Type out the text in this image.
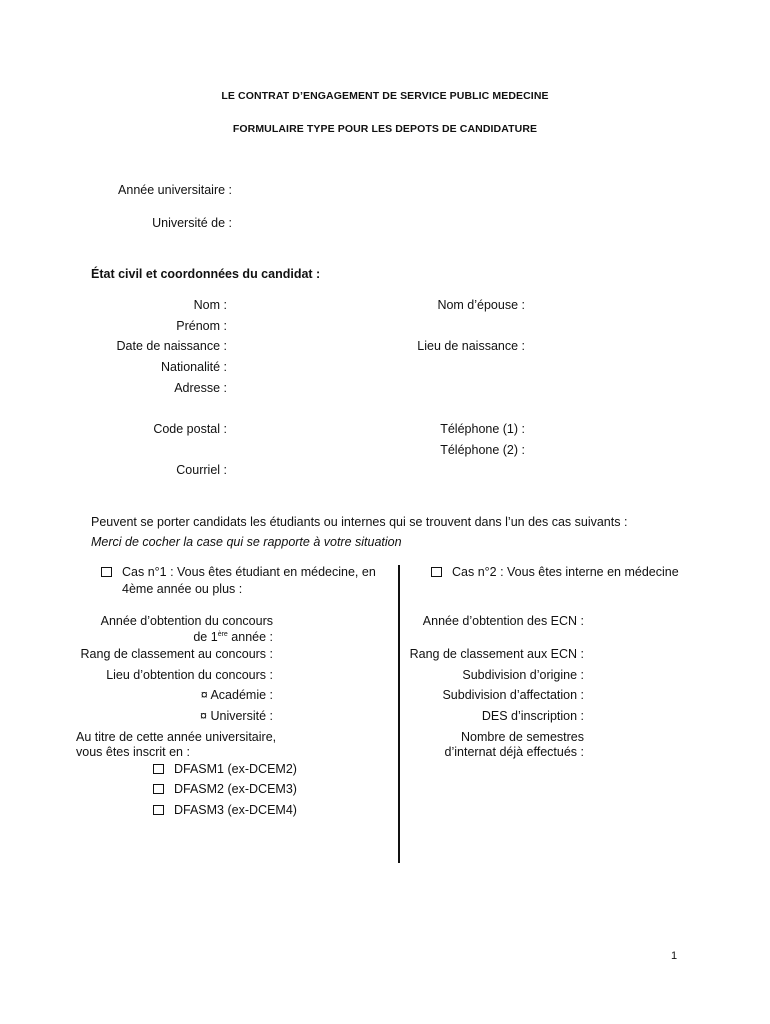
LE CONTRAT D’ENGAGEMENT DE SERVICE PUBLIC MEDECINE
FORMULAIRE TYPE POUR LES DEPOTS DE CANDIDATURE
Année universitaire :
Université de :
État civil et coordonnées du candidat :
Nom :	Nom d’épouse :
Prénom :
Date de naissance :	Lieu de naissance :
Nationalité :
Adresse :
Code postal :	Téléphone (1) :
Téléphone (2) :
Courriel :
Peuvent se porter candidats les étudiants ou internes qui se trouvent dans l’un des cas suivants :
Merci de cocher la case qui se rapporte à votre situation
Cas n°1 : Vous êtes étudiant en médecine, en
4ème année ou plus :
Année d’obtention du concours
de 1ère année :
Rang de classement au concours :
Lieu d’obtention du concours :
¤ Académie :
¤ Université :
Au titre de cette année universitaire,
vous êtes inscrit en :
DFASM1 (ex-DCEM2)
DFASM2 (ex-DCEM3)
DFASM3 (ex-DCEM4)
Cas n°2 : Vous êtes interne en médecine
Année d’obtention des ECN :
Rang de classement aux ECN :
Subdivision d’origine :
Subdivision d’affectation :
DES d’inscription :
Nombre de semestres
d’internat déjà effectués :
1
